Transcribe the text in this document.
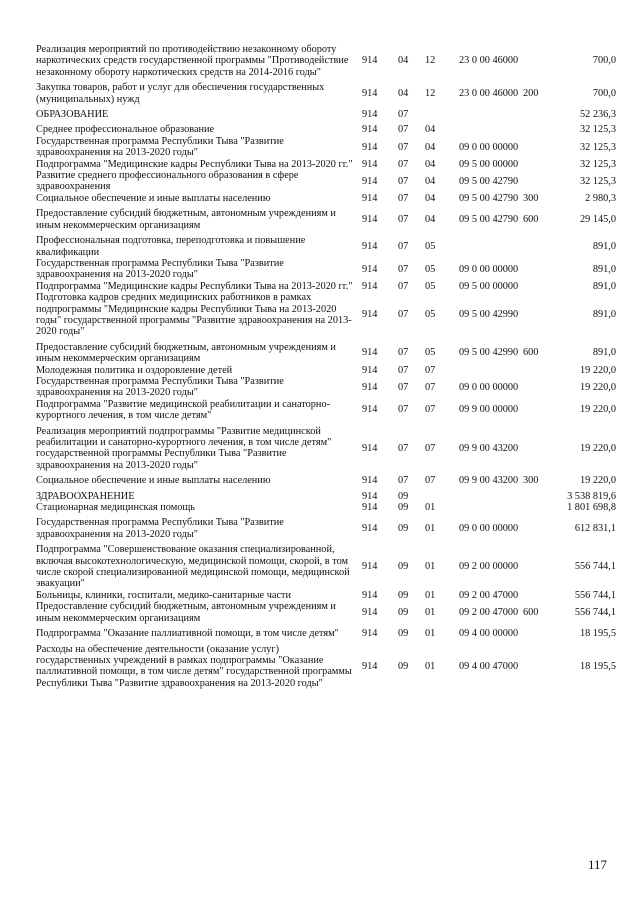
Реализация мероприятий по противодействию незаконному обороту наркотических средств государственной программы "Противодействие незаконному обороту наркотических средств на 2014-2016 годы"	914	04	12	23 0 00 46000		700,0
Закупка товаров, работ и услуг для обеспечения государственных (муниципальных) нужд	914	04	12	23 0 00 46000	200	700,0
ОБРАЗОВАНИЕ	914	07				52 236,3
Среднее профессиональное образование	914	07	04			32 125,3
Государственная программа Республики Тыва "Развитие здравоохранения на 2013-2020 годы"	914	07	04	09 0 00 00000		32 125,3
Подпрограмма "Медицинские кадры Республики Тыва на 2013-2020 гг."	914	07	04	09 5 00 00000		32 125,3
Развитие среднего профессионального образования в сфере здравоохранения	914	07	04	09 5 00 42790		32 125,3
Социальное обеспечение и иные выплаты населению	914	07	04	09 5 00 42790	300	2 980,3
Предоставление субсидий бюджетным, автономным учреждениям и иным некоммерческим организациям	914	07	04	09 5 00 42790	600	29 145,0
Профессиональная подготовка, переподготовка и повышение квалификации	914	07	05			891,0
Государственная программа Республики Тыва "Развитие здравоохранения на 2013-2020 годы"	914	07	05	09 0 00 00000		891,0
Подпрограмма "Медицинские кадры Республики Тыва на 2013-2020 гг."	914	07	05	09 5 00 00000		891,0
Подготовка кадров средних медицинских работников в рамках подпрограммы "Медицинские кадры Республики Тыва на 2013-2020 годы" государственной программы "Развитие здравоохранения на 2013-2020 годы"	914	07	05	09 5 00 42990		891,0
Предоставление субсидий бюджетным, автономным учреждениям и иным некоммерческим организациям	914	07	05	09 5 00 42990	600	891,0
Молодежная политика и оздоровление детей	914	07	07			19 220,0
Государственная программа Республики Тыва "Развитие здравоохранения на 2013-2020 годы"	914	07	07	09 0 00 00000		19 220,0
Подпрограмма "Развитие медицинской реабилитации и санаторно-курортного лечения, в том числе детям"	914	07	07	09 9 00 00000		19 220,0
Реализация мероприятий подпрограммы "Развитие медицинской реабилитации и санаторно-курортного лечения, в том числе детям" государственной программы Республики Тыва "Развитие здравоохранения на 2013-2020 годы"	914	07	07	09 9 00 43200		19 220,0
Социальное обеспечение и иные выплаты населению	914	07	07	09 9 00 43200	300	19 220,0
ЗДРАВООХРАНЕНИЕ	914	09				3 538 819,6
Стационарная медицинская помощь	914	09	01			1 801 698,8
Государственная программа Республики Тыва "Развитие здравоохранения на 2013-2020 годы"	914	09	01	09 0 00 00000		612 831,1
Подпрограмма "Совершенствование оказания специализированной, включая высокотехнологическую, медицинской помощи, скорой, в том числе скорой специализированной медицинской помощи, медицинской эвакуации"	914	09	01	09 2 00 00000		556 744,1
Больницы, клиники, госпитали, медико-санитарные части	914	09	01	09 2 00 47000		556 744,1
Предоставление субсидий бюджетным, автономным учреждениям и иным некоммерческим организациям	914	09	01	09 2 00 47000	600	556 744,1
Подпрограмма "Оказание паллиативной помощи, в том числе детям"	914	09	01	09 4 00 00000		18 195,5
Расходы на обеспечение деятельности (оказание услуг) государственных учреждений в рамках подпрограммы "Оказание паллиативной помощи, в том числе детям" государственной программы Республики Тыва "Развитие здравоохранения на 2013-2020 годы"	914	09	01	09 4 00 47000		18 195,5
117
